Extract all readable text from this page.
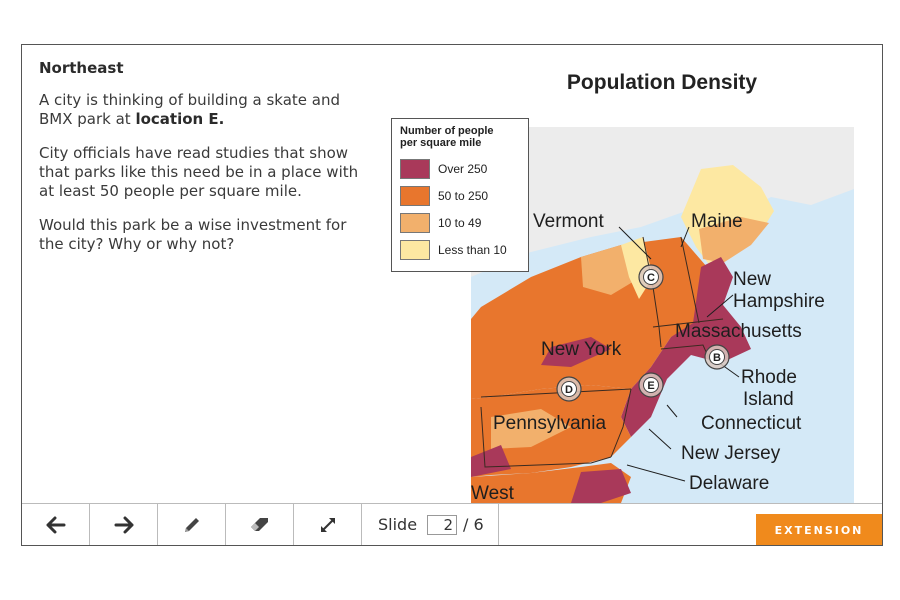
Northeast

A city is thinking of building a skate and BMX park at location E.

City officials have read studies that show that parks like this need be in a place with at least 50 people per square mile.

Would this park be a wise investment for the city? Why or why not?

Population Density
Vermont	Maine
New
Hampshire
Massachusetts
New York
Rhode
Island
Connecticut
Pennsylvania
New Jersey
Delaware
West
C
B
D	E
Number of people
per square mile
Over 250
50 to 250
10 to 49
Less than 10
Slide
2	/ 6	EXTENSION
